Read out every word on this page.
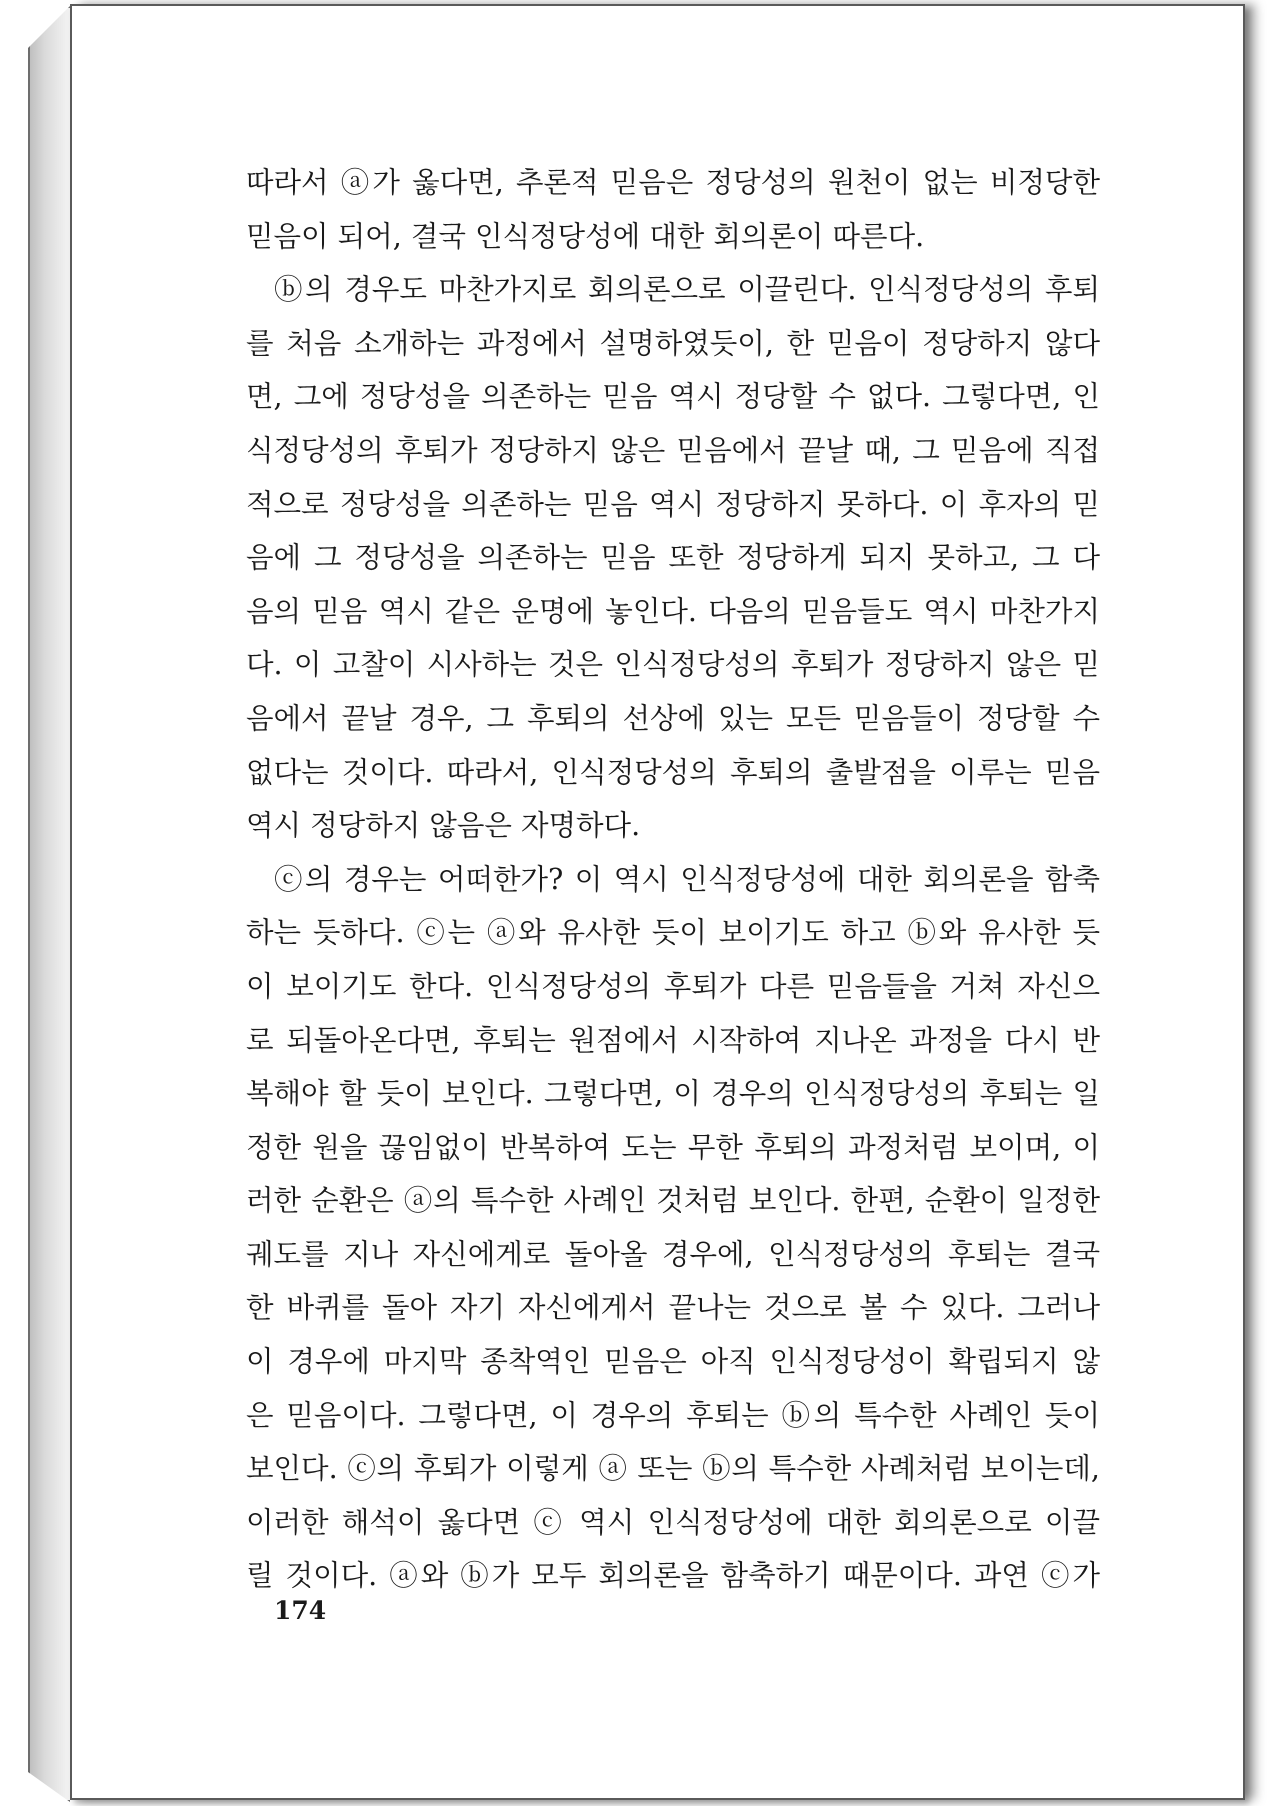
따라서 ⓐ가 옳다면, 추론적 믿음은 정당성의 원천이 없는 비정당한
믿음이 되어, 결국 인식정당성에 대한 회의론이 따른다.
ⓑ의 경우도 마찬가지로 회의론으로 이끌린다. 인식정당성의 후퇴
를 처음 소개하는 과정에서 설명하였듯이, 한 믿음이 정당하지 않다
면, 그에 정당성을 의존하는 믿음 역시 정당할 수 없다. 그렇다면, 인
식정당성의 후퇴가 정당하지 않은 믿음에서 끝날 때, 그 믿음에 직접
적으로 정당성을 의존하는 믿음 역시 정당하지 못하다. 이 후자의 믿
음에 그 정당성을 의존하는 믿음 또한 정당하게 되지 못하고, 그 다
음의 믿음 역시 같은 운명에 놓인다. 다음의 믿음들도 역시 마찬가지
다. 이 고찰이 시사하는 것은 인식정당성의 후퇴가 정당하지 않은 믿
음에서 끝날 경우, 그 후퇴의 선상에 있는 모든 믿음들이 정당할 수
없다는 것이다. 따라서, 인식정당성의 후퇴의 출발점을 이루는 믿음
역시 정당하지 않음은 자명하다.
ⓒ의 경우는 어떠한가? 이 역시 인식정당성에 대한 회의론을 함축
하는 듯하다. ⓒ는 ⓐ와 유사한 듯이 보이기도 하고 ⓑ와 유사한 듯
이 보이기도 한다. 인식정당성의 후퇴가 다른 믿음들을 거쳐 자신으
로 되돌아온다면, 후퇴는 원점에서 시작하여 지나온 과정을 다시 반
복해야 할 듯이 보인다. 그렇다면, 이 경우의 인식정당성의 후퇴는 일
정한 원을 끊임없이 반복하여 도는 무한 후퇴의 과정처럼 보이며, 이
러한 순환은 ⓐ의 특수한 사례인 것처럼 보인다. 한편, 순환이 일정한
궤도를 지나 자신에게로 돌아올 경우에, 인식정당성의 후퇴는 결국
한 바퀴를 돌아 자기 자신에게서 끝나는 것으로 볼 수 있다. 그러나
이 경우에 마지막 종착역인 믿음은 아직 인식정당성이 확립되지 않
은 믿음이다. 그렇다면, 이 경우의 후퇴는 ⓑ의 특수한 사례인 듯이
보인다. ⓒ의 후퇴가 이렇게 ⓐ 또는 ⓑ의 특수한 사례처럼 보이는데,
이러한 해석이 옳다면 ⓒ 역시 인식정당성에 대한 회의론으로 이끌
릴 것이다. ⓐ와 ⓑ가 모두 회의론을 함축하기 때문이다. 과연 ⓒ가
174
